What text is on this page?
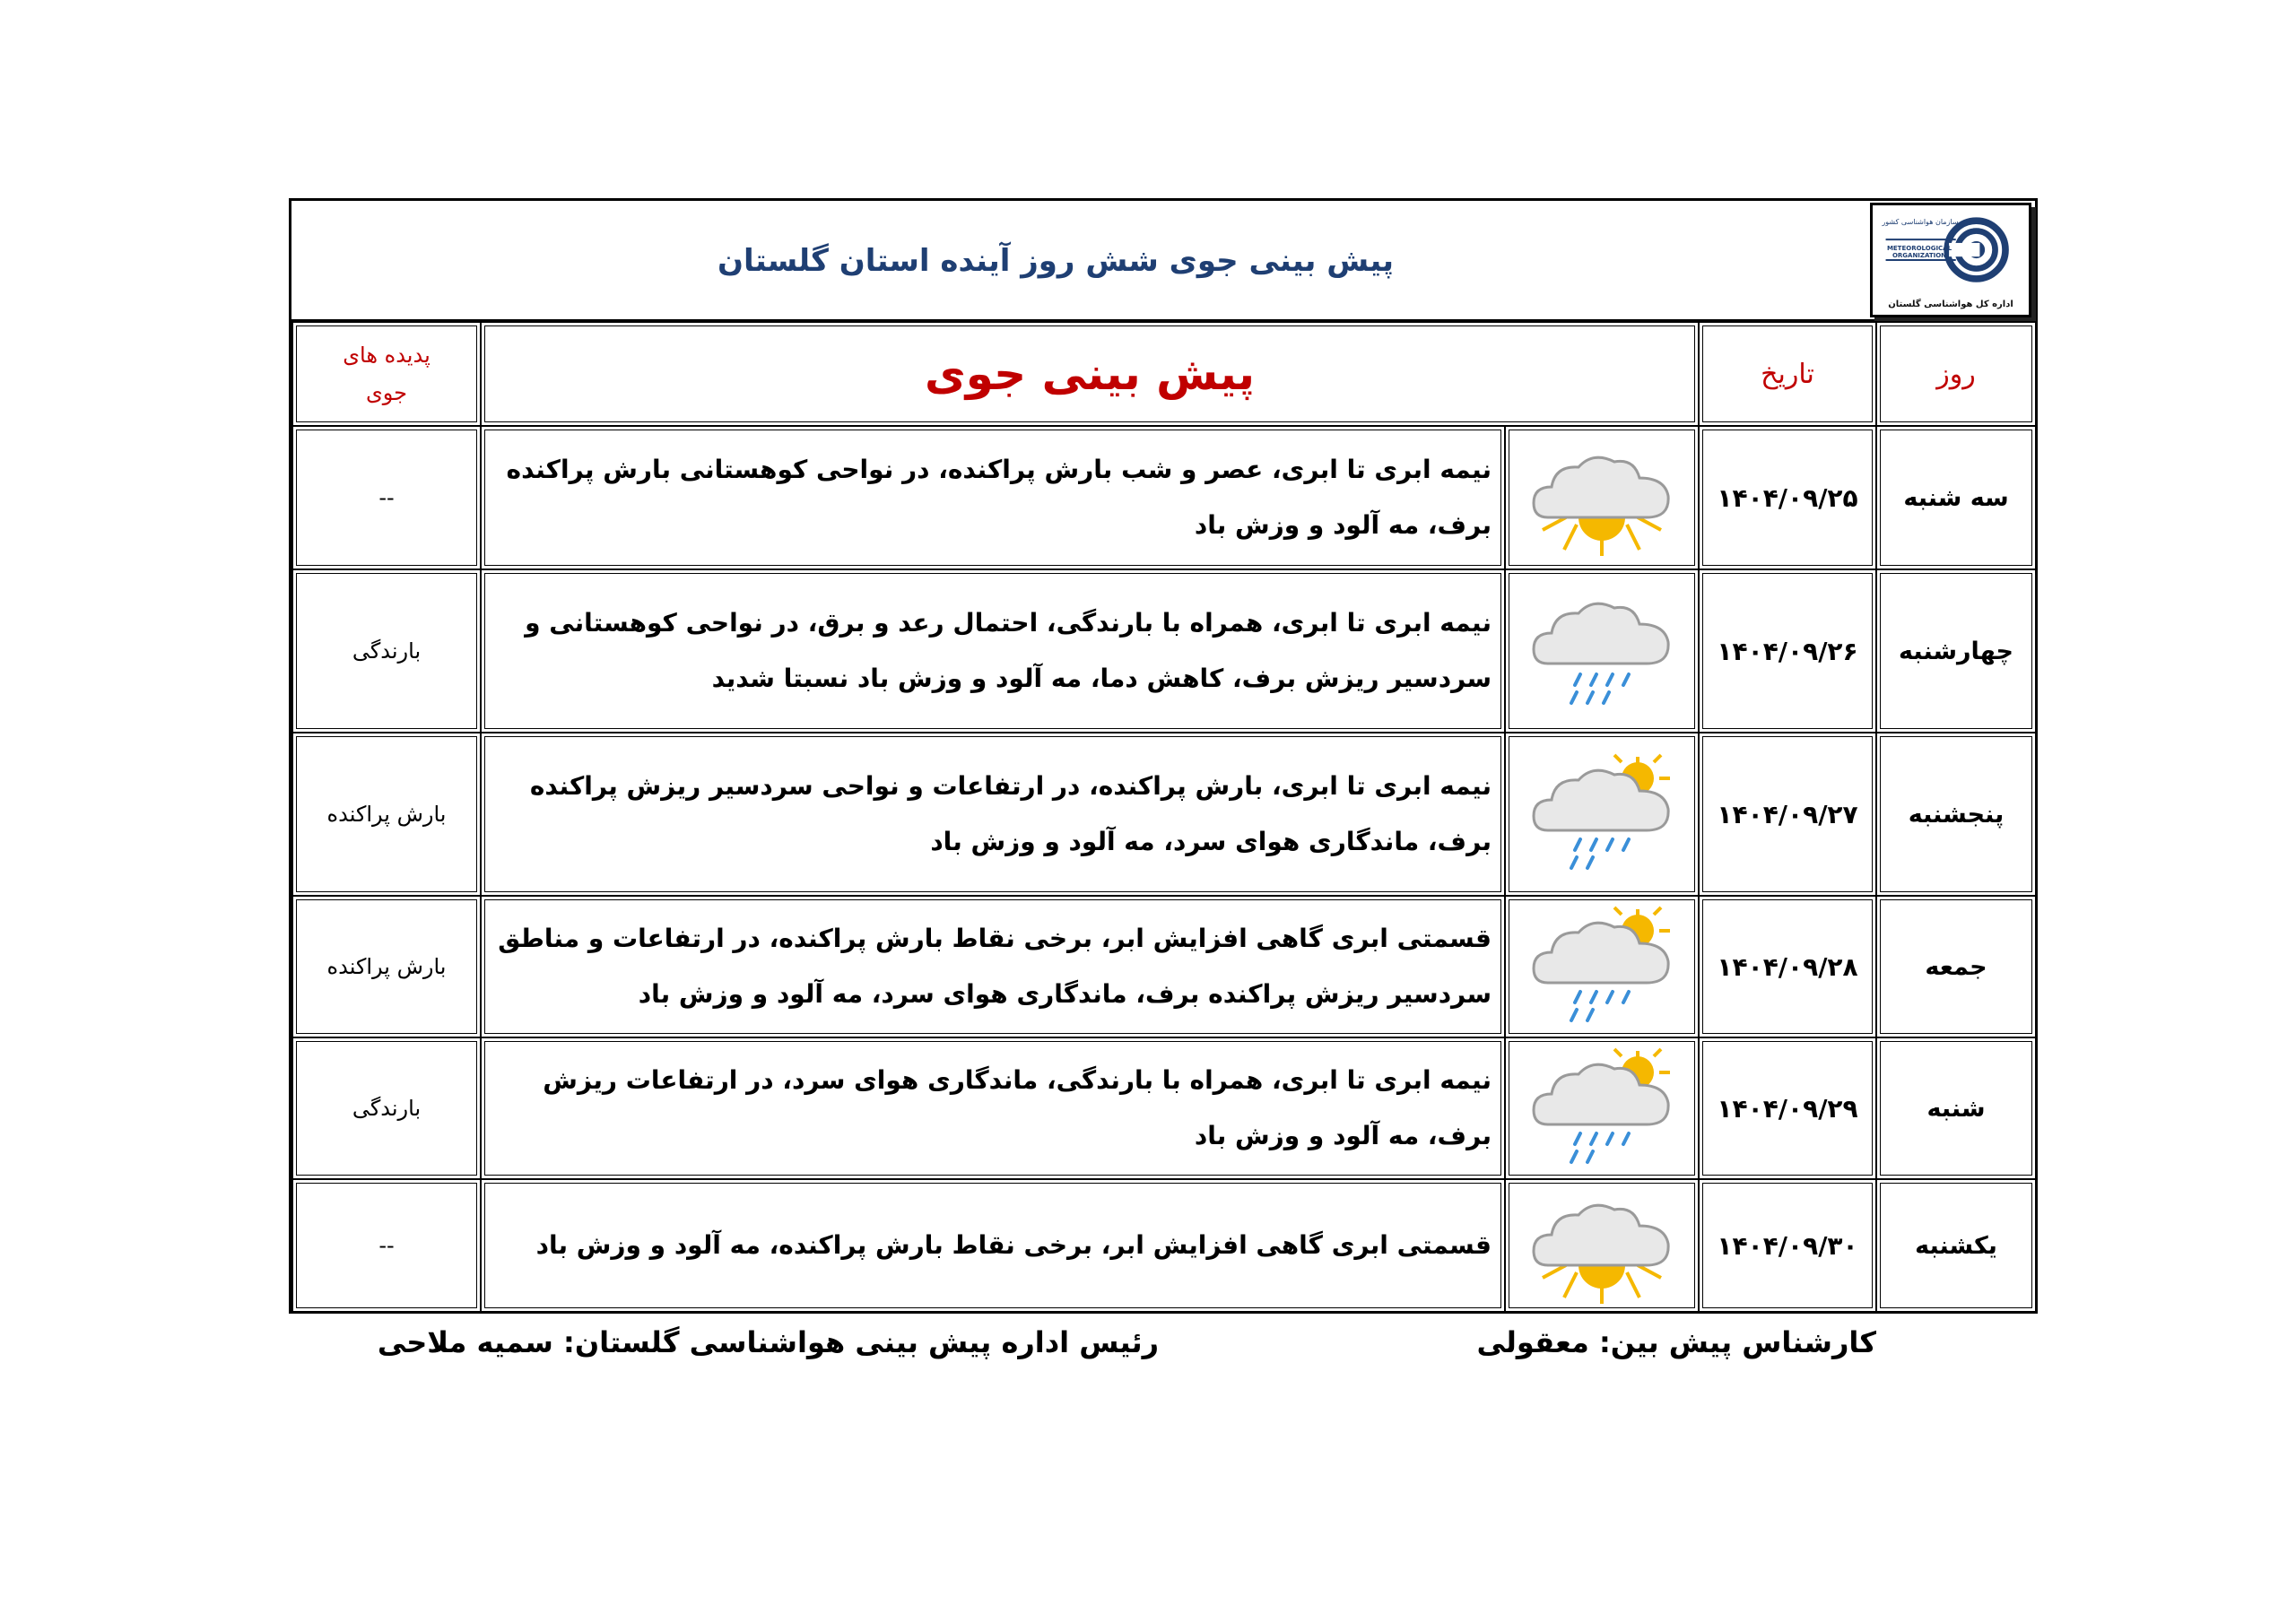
پیش بینی جوی شش روز آینده استان گلستان
سازمان هواشناسی کشور
METEOROLOGICAL ORGANIZATION
اداره کل هواشناسی گلستان
روز	تاریخ	پیش بینی جوی		پدیده های
جوی

سه شنبه	۱۴۰۴/۰۹/۲۵		نیمه ابری تا ابری، عصر و شب بارش پراکنده، در نواحی کوهستانی بارش پراکنده برف، مه آلود و وزش باد	--
چهارشنبه	۱۴۰۴/۰۹/۲۶		نیمه ابری تا ابری، همراه با بارندگی، احتمال رعد و برق، در نواحی کوهستانی و سردسیر ریزش برف، کاهش دما، مه آلود و وزش باد نسبتا شدید	بارندگی
پنجشنبه	۱۴۰۴/۰۹/۲۷		نیمه ابری تا ابری، بارش پراکنده، در ارتفاعات و نواحی سردسیر ریزش پراکنده برف، ماندگاری هوای سرد، مه آلود و وزش باد	بارش پراکنده
جمعه	۱۴۰۴/۰۹/۲۸		قسمتی ابری گاهی افزایش ابر، برخی نقاط بارش پراکنده، در ارتفاعات و مناطق سردسیر ریزش پراکنده برف، ماندگاری هوای سرد، مه آلود و وزش باد	بارش پراکنده
شنبه	۱۴۰۴/۰۹/۲۹		نیمه ابری تا ابری، همراه با بارندگی، ماندگاری هوای سرد، در ارتفاعات ریزش برف، مه آلود و وزش باد	بارندگی
یکشنبه	۱۴۰۴/۰۹/۳۰		قسمتی ابری گاهی افزایش ابر، برخی نقاط بارش پراکنده، مه آلود و وزش باد	--
کارشناس پیش بین: معقولی
رئیس اداره پیش بینی هواشناسی گلستان: سمیه ملاحی
